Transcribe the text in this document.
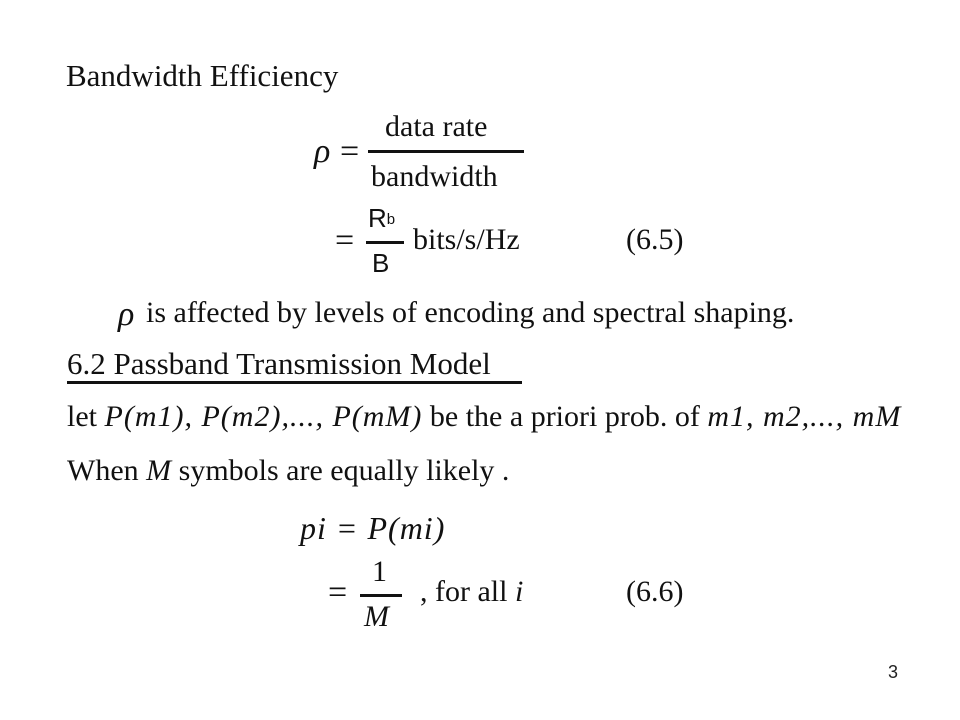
Bandwidth Efficiency
ρ =
data rate
bandwidth
=
Rb
B
bits/s/Hz	(6.5)
ρ is affected by levels of encoding and spectral shaping.
6.2 Passband Transmission Model
let P(m1), P(m2),..., P(mM) be the a priori prob. of m1, m2,..., mM
When M symbols are equally likely .
pi = P(mi)
=
1
M
, for all i	(6.6)
3
